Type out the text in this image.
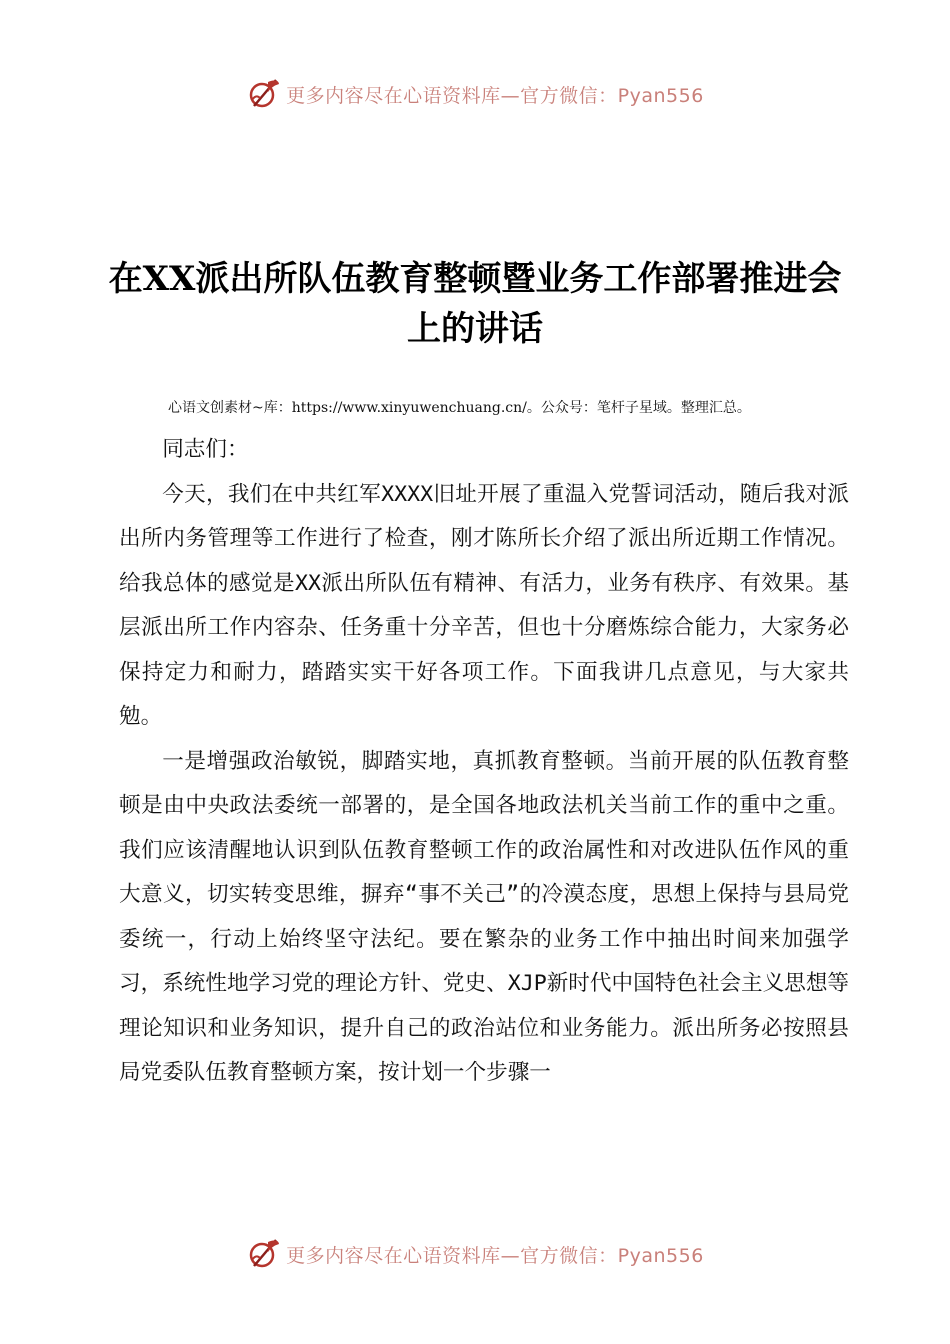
更多内容尽在心语资料库—官方微信：Pyan556
在XX派出所队伍教育整顿暨业务工作部署推进会上的讲话
心语文创素材~库：https://www.xinyuwenchuang.cn/。公众号：笔杆子星域。整理汇总。

同志们：

今天，我们在中共红军XXXX旧址开展了重温入党誓词活动，随后我对派出所内务管理等工作进行了检查，刚才陈所长介绍了派出所近期工作情况。给我总体的感觉是XX派出所队伍有精神、有活力，业务有秩序、有效果。基层派出所工作内容杂、任务重十分辛苦，但也十分磨炼综合能力，大家务必保持定力和耐力，踏踏实实干好各项工作。下面我讲几点意见，与大家共勉。

一是增强政治敏锐，脚踏实地，真抓教育整顿。当前开展的队伍教育整顿是由中央政法委统一部署的，是全国各地政法机关当前工作的重中之重。我们应该清醒地认识到队伍教育整顿工作的政治属性和对改进队伍作风的重大意义，切实转变思维，摒弃“事不关己”的冷漠态度，思想上保持与县局党委统一，行动上始终坚守法纪。要在繁杂的业务工作中抽出时间来加强学习，系统性地学习党的理论方针、党史、XJP新时代中国特色社会主义思想等理论知识和业务知识，提升自己的政治站位和业务能力。派出所务必按照县局党委队伍教育整顿方案，按计划一个步骤一

更多内容尽在心语资料库—官方微信：Pyan556
